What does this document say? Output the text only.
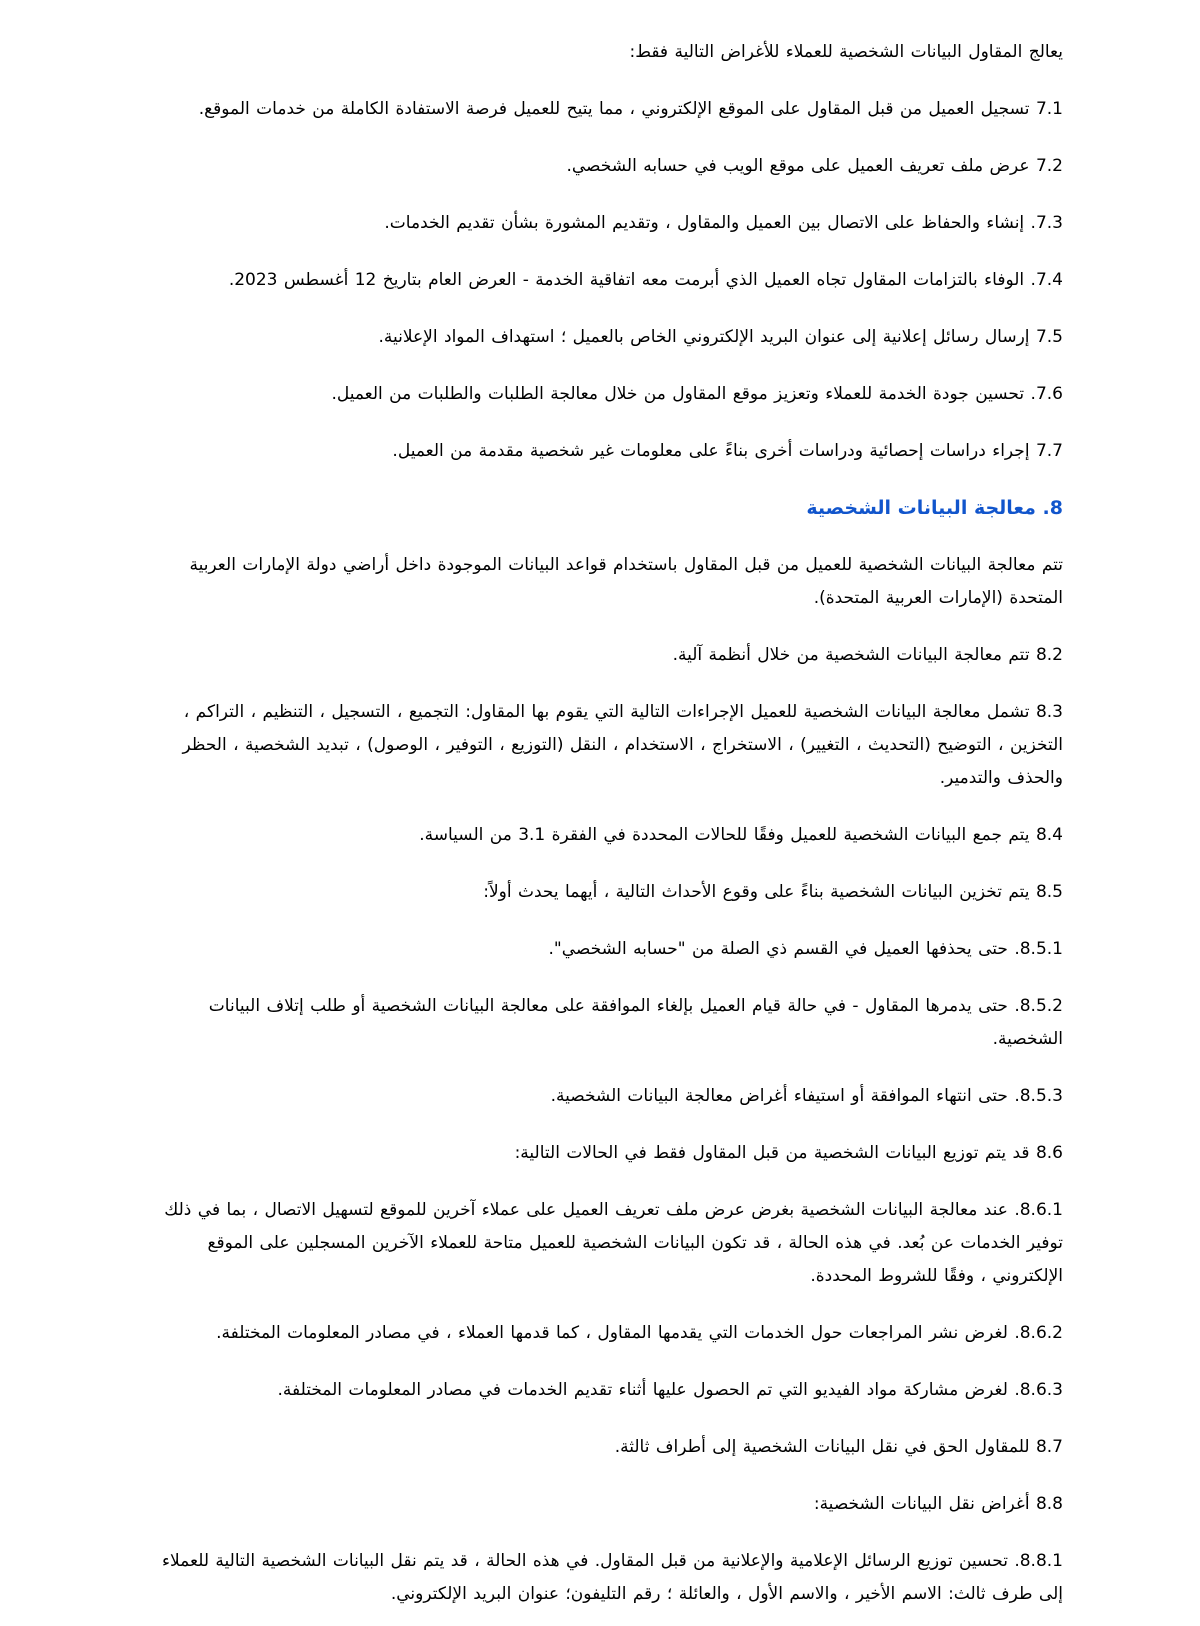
يعالج المقاول البيانات الشخصية للعملاء للأغراض التالية فقط:

7.1 تسجيل العميل من قبل المقاول على الموقع الإلكتروني ، مما يتيح للعميل فرصة الاستفادة الكاملة من خدمات الموقع.

7.2 عرض ملف تعريف العميل على موقع الويب في حسابه الشخصي.

7.3. إنشاء والحفاظ على الاتصال بين العميل والمقاول ، وتقديم المشورة بشأن تقديم الخدمات.

7.4. الوفاء بالتزامات المقاول تجاه العميل الذي أبرمت معه اتفاقية الخدمة - العرض العام بتاريخ 12 أغسطس 2023.

7.5 إرسال رسائل إعلانية إلى عنوان البريد الإلكتروني الخاص بالعميل ؛ استهداف المواد الإعلانية.

7.6. تحسين جودة الخدمة للعملاء وتعزيز موقع المقاول من خلال معالجة الطلبات والطلبات من العميل.

7.7 إجراء دراسات إحصائية ودراسات أخرى بناءً على معلومات غير شخصية مقدمة من العميل.

8. معالجة البيانات الشخصية

تتم معالجة البيانات الشخصية للعميل من قبل المقاول باستخدام قواعد البيانات الموجودة داخل أراضي دولة الإمارات العربية المتحدة (الإمارات العربية المتحدة).

8.2 تتم معالجة البيانات الشخصية من خلال أنظمة آلية.

8.3 تشمل معالجة البيانات الشخصية للعميل الإجراءات التالية التي يقوم بها المقاول: التجميع ، التسجيل ، التنظيم ، التراكم ، التخزين ، التوضيح (التحديث ، التغيير) ، الاستخراج ، الاستخدام ، النقل (التوزيع ، التوفير ، الوصول) ، تبديد الشخصية ، الحظر والحذف والتدمير.

8.4 يتم جمع البيانات الشخصية للعميل وفقًا للحالات المحددة في الفقرة 3.1 من السياسة.

8.5 يتم تخزين البيانات الشخصية بناءً على وقوع الأحداث التالية ، أيهما يحدث أولاً:

8.5.1. حتى يحذفها العميل في القسم ذي الصلة من "حسابه الشخصي".

8.5.2. حتى يدمرها المقاول - في حالة قيام العميل بإلغاء الموافقة على معالجة البيانات الشخصية أو طلب إتلاف البيانات الشخصية.

8.5.3. حتى انتهاء الموافقة أو استيفاء أغراض معالجة البيانات الشخصية.

8.6 قد يتم توزيع البيانات الشخصية من قبل المقاول فقط في الحالات التالية:

8.6.1. عند معالجة البيانات الشخصية بغرض عرض ملف تعريف العميل على عملاء آخرين للموقع لتسهيل الاتصال ، بما في ذلك توفير الخدمات عن بُعد. في هذه الحالة ، قد تكون البيانات الشخصية للعميل متاحة للعملاء الآخرين المسجلين على الموقع الإلكتروني ، وفقًا للشروط المحددة.

8.6.2. لغرض نشر المراجعات حول الخدمات التي يقدمها المقاول ، كما قدمها العملاء ، في مصادر المعلومات المختلفة.

8.6.3. لغرض مشاركة مواد الفيديو التي تم الحصول عليها أثناء تقديم الخدمات في مصادر المعلومات المختلفة.

8.7 للمقاول الحق في نقل البيانات الشخصية إلى أطراف ثالثة.

8.8 أغراض نقل البيانات الشخصية:

8.8.1. تحسين توزيع الرسائل الإعلامية والإعلانية من قبل المقاول. في هذه الحالة ، قد يتم نقل البيانات الشخصية التالية للعملاء إلى طرف ثالث: الاسم الأخير ، والاسم الأول ، والعائلة ؛ رقم التليفون؛ عنوان البريد الإلكتروني.
